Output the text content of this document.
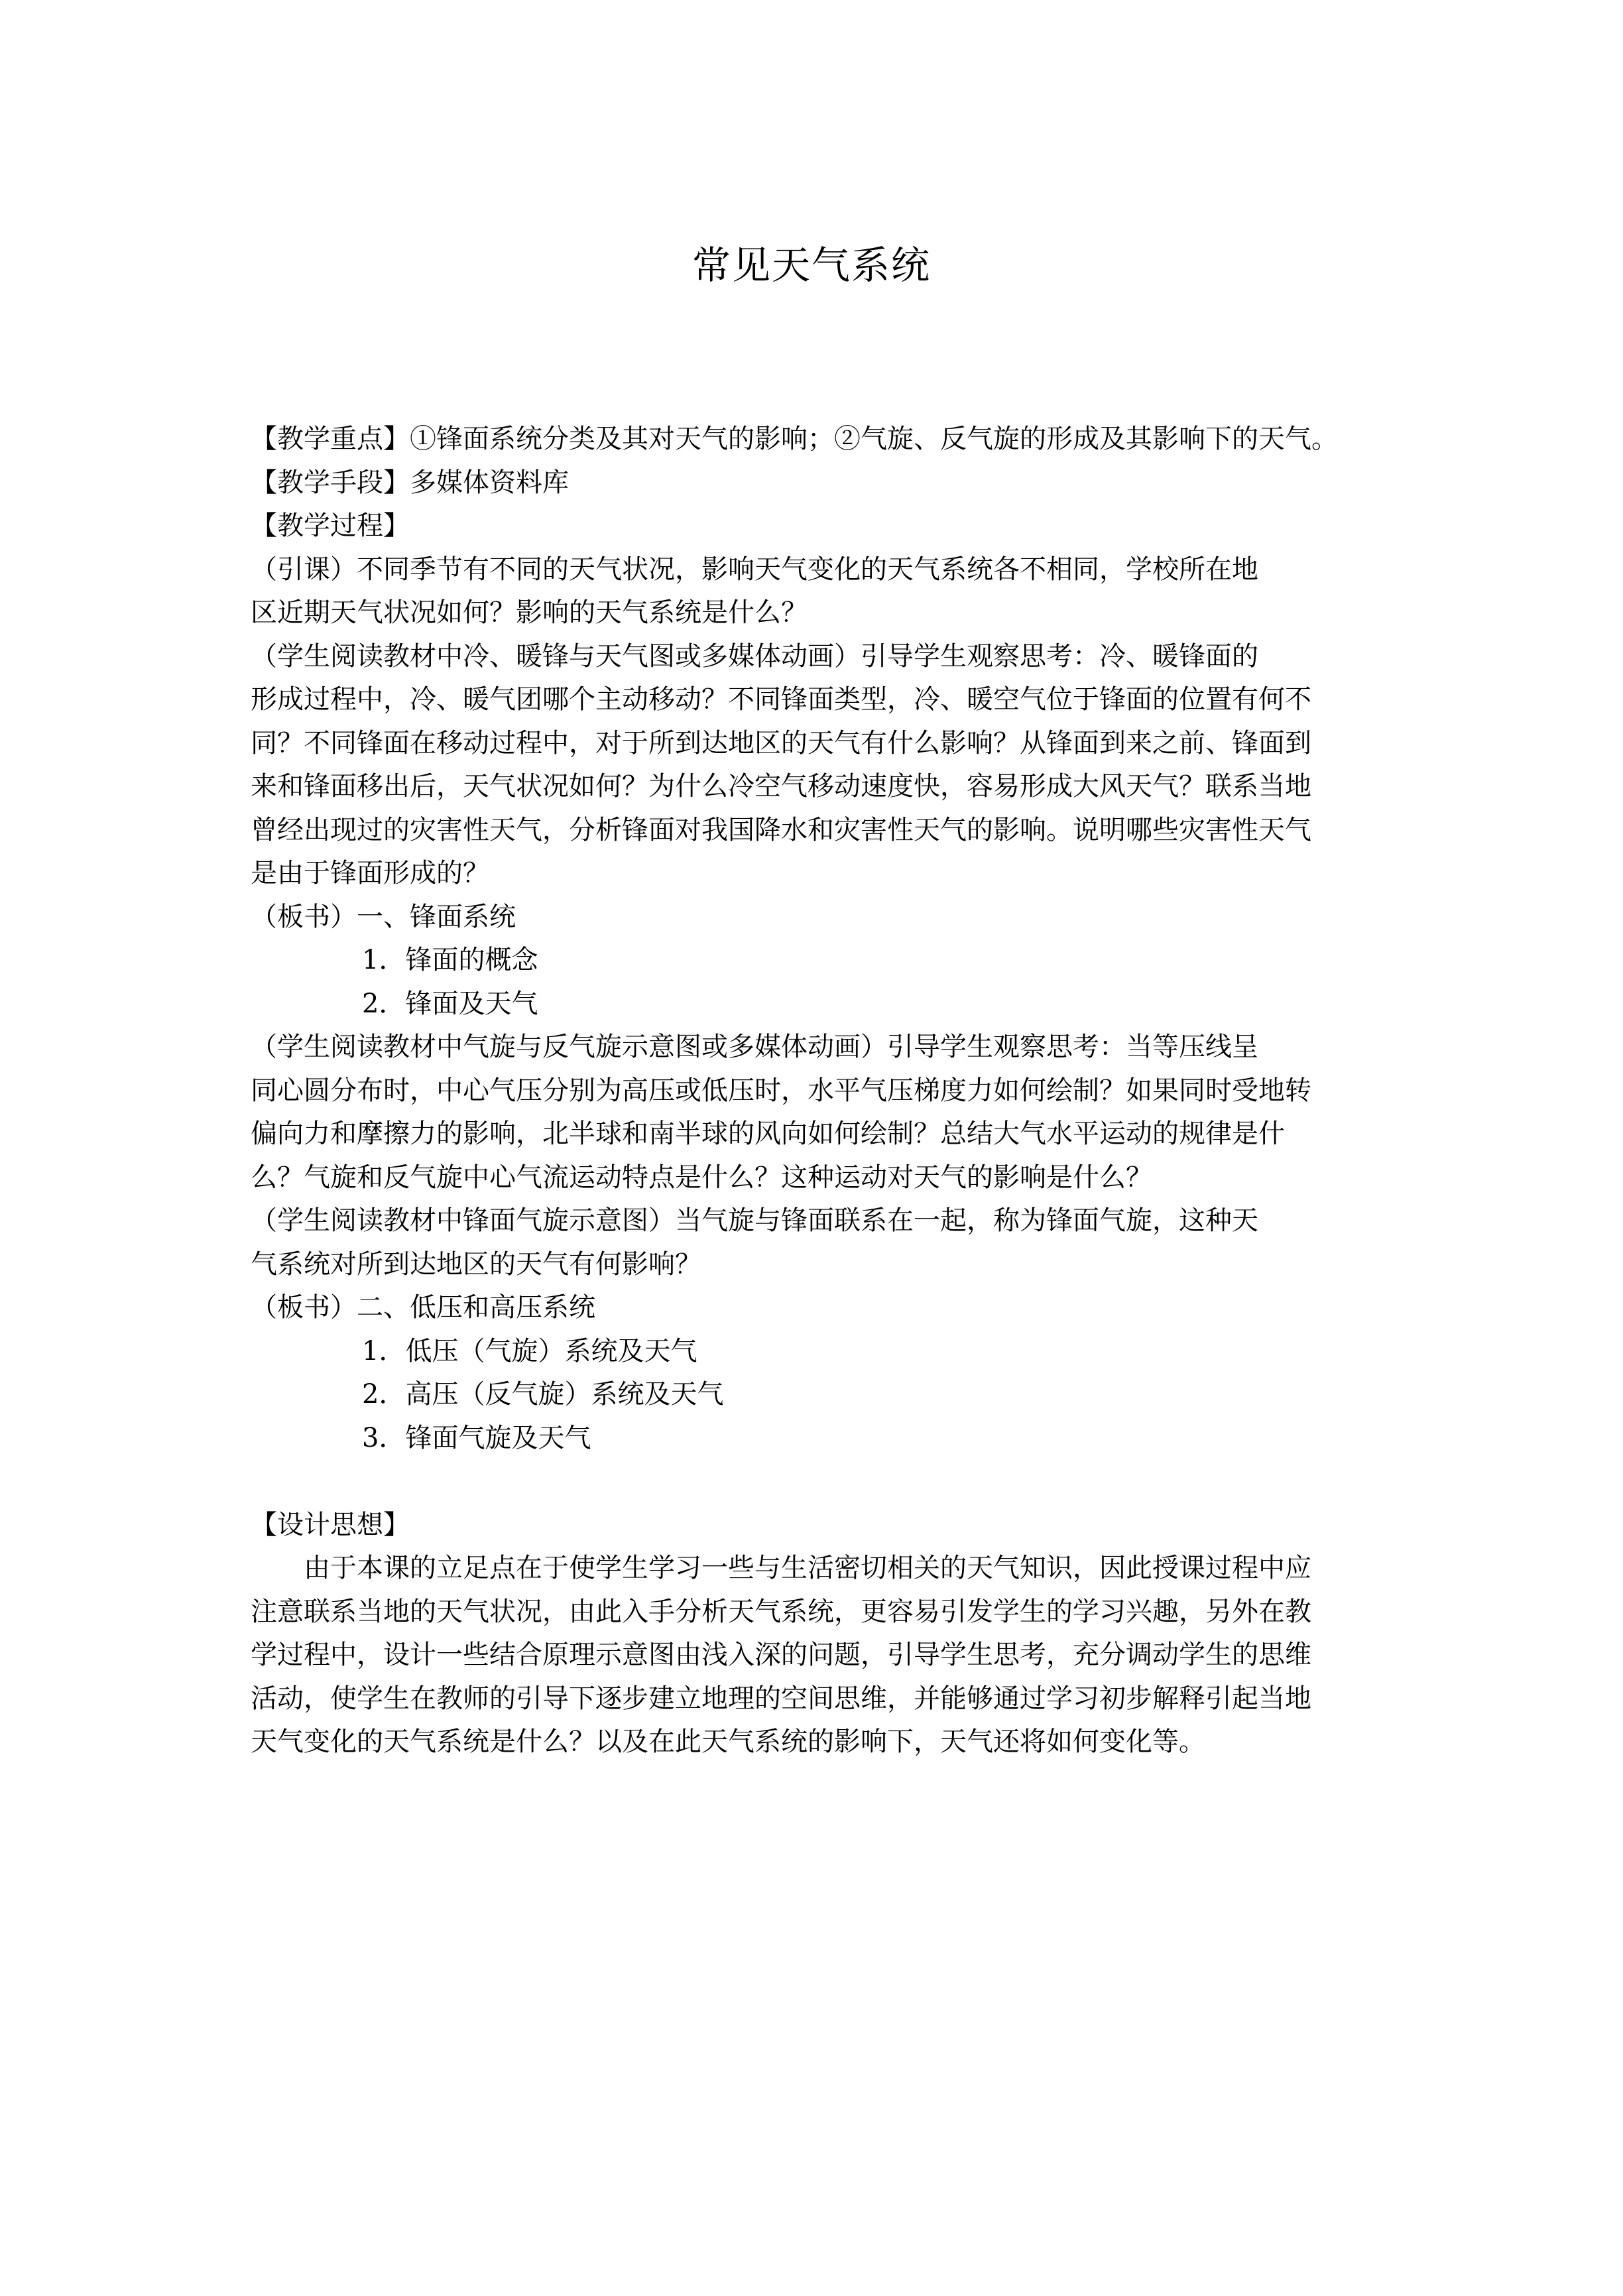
常见天气系统
【教学重点】①锋面系统分类及其对天气的影响；②气旋、反气旋的形成及其影响下的天气。
【教学手段】多媒体资料库
【教学过程】
（引课）不同季节有不同的天气状况，影响天气变化的天气系统各不相同，学校所在地
区近期天气状况如何？影响的天气系统是什么？
（学生阅读教材中冷、暖锋与天气图或多媒体动画）引导学生观察思考：冷、暖锋面的
形成过程中，冷、暖气团哪个主动移动？不同锋面类型，冷、暖空气位于锋面的位置有何不
同？不同锋面在移动过程中，对于所到达地区的天气有什么影响？从锋面到来之前、锋面到
来和锋面移出后，天气状况如何？为什么冷空气移动速度快，容易形成大风天气？联系当地
曾经出现过的灾害性天气，分析锋面对我国降水和灾害性天气的影响。说明哪些灾害性天气
是由于锋面形成的？
（板书）一、锋面系统
1．锋面的概念
2．锋面及天气
（学生阅读教材中气旋与反气旋示意图或多媒体动画）引导学生观察思考：当等压线呈
同心圆分布时，中心气压分别为高压或低压时，水平气压梯度力如何绘制？如果同时受地转
偏向力和摩擦力的影响，北半球和南半球的风向如何绘制？总结大气水平运动的规律是什
么？气旋和反气旋中心气流运动特点是什么？这种运动对天气的影响是什么？
（学生阅读教材中锋面气旋示意图）当气旋与锋面联系在一起，称为锋面气旋，这种天
气系统对所到达地区的天气有何影响？
（板书）二、低压和高压系统
1．低压（气旋）系统及天气
2．高压（反气旋）系统及天气
3．锋面气旋及天气
【设计思想】
由于本课的立足点在于使学生学习一些与生活密切相关的天气知识，因此授课过程中应
注意联系当地的天气状况，由此入手分析天气系统，更容易引发学生的学习兴趣，另外在教
学过程中，设计一些结合原理示意图由浅入深的问题，引导学生思考，充分调动学生的思维
活动，使学生在教师的引导下逐步建立地理的空间思维，并能够通过学习初步解释引起当地
天气变化的天气系统是什么？以及在此天气系统的影响下，天气还将如何变化等。
